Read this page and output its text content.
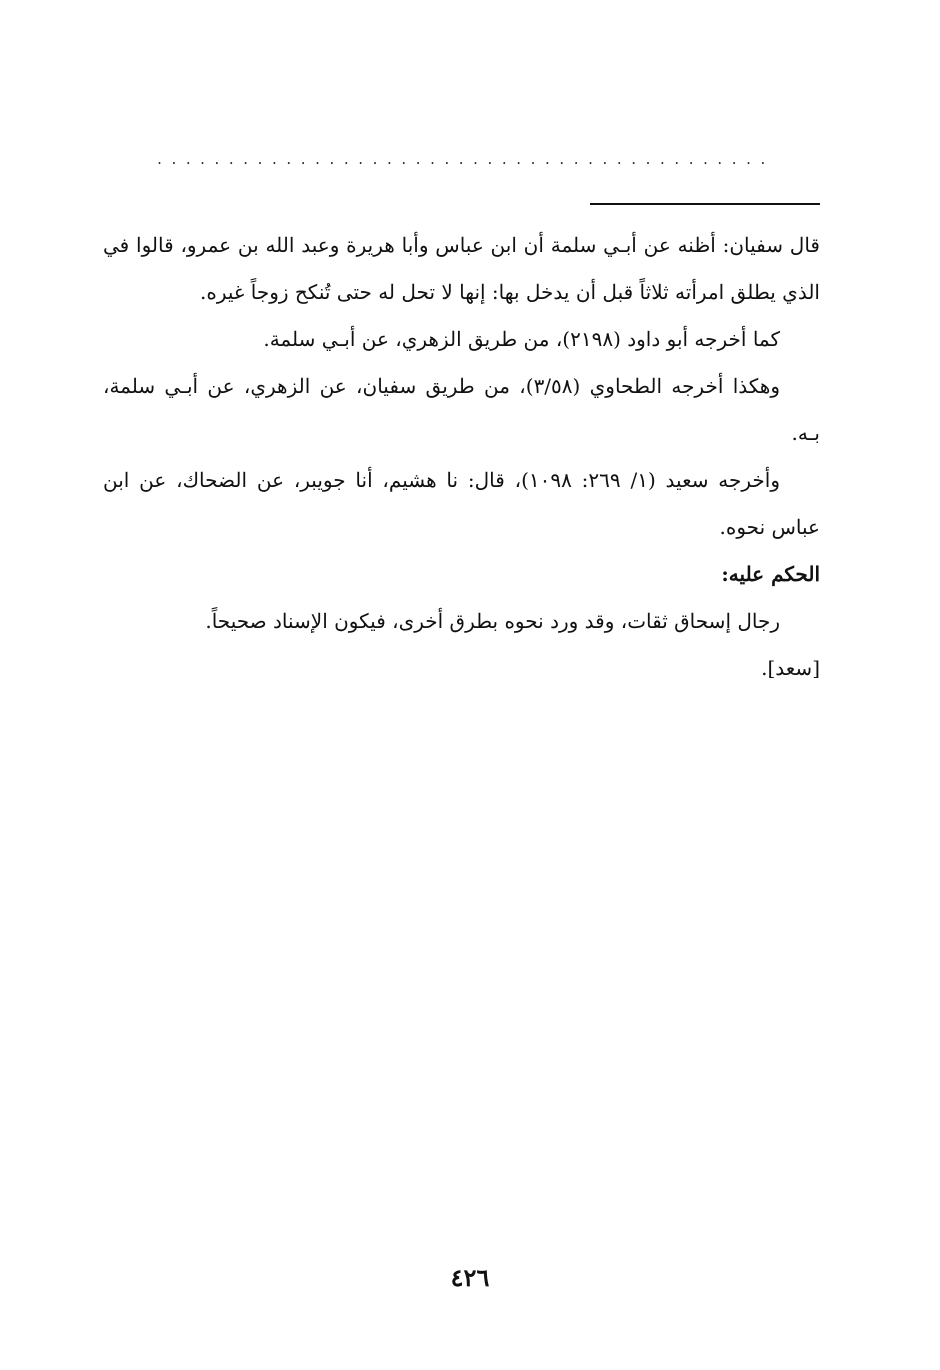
...........................................

قال سفيان: أظنه عن أبـي سلمة أن ابن عباس وأبا هريرة وعبد الله بن عمرو، قالوا في الذي يطلق امرأته ثلاثاً قبل أن يدخل بها: إنها لا تحل له حتى تُنكح زوجاً غيره.

كما أخرجه أبو داود (٢١٩٨)، من طريق الزهري، عن أبـي سلمة.

وهكذا أخرجه الطحاوي (٣/٥٨)، من طريق سفيان، عن الزهري، عن أبـي سلمة، بـه.

وأخرجه سعيد (١/ ٢٦٩: ١٠٩٨)، قال: نا هشيم، أنا جويبر، عن الضحاك، عن ابن عباس نحوه.

الحكم عليه:

رجال إسحاق ثقات، وقد ورد نحوه بطرق أخرى، فيكون الإسناد صحيحاً.

[سعد].

٤٢٦
